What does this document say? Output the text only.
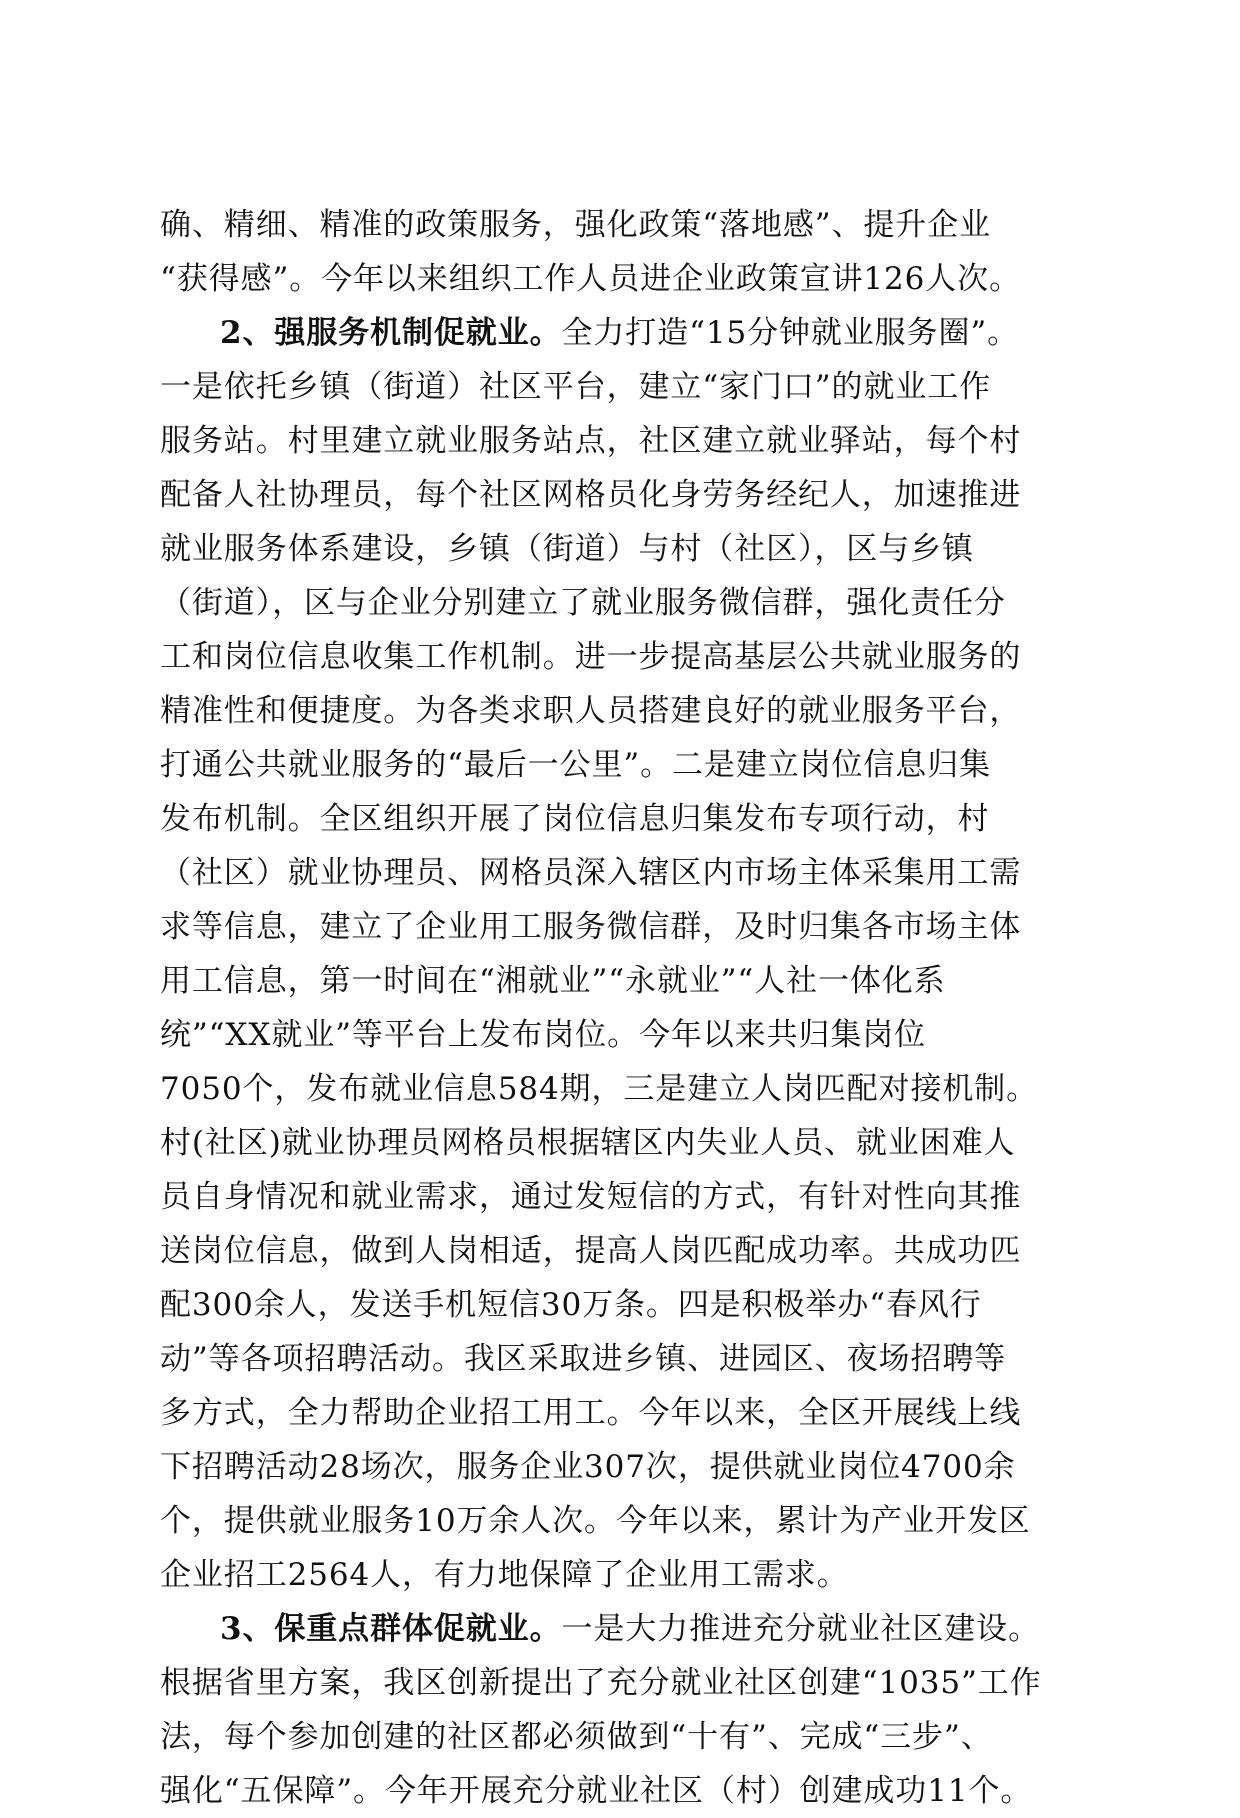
确、精细、精准的政策服务，强化政策“落地感”、提升企业
“获得感”。今年以来组织工作人员进企业政策宣讲126人次。
2、强服务机制促就业。全力打造“15分钟就业服务圈”。
一是依托乡镇（街道）社区平台，建立“家门口”的就业工作
服务站。村里建立就业服务站点，社区建立就业驿站，每个村
配备人社协理员，每个社区网格员化身劳务经纪人，加速推进
就业服务体系建设，乡镇（街道）与村（社区），区与乡镇
（街道），区与企业分别建立了就业服务微信群，强化责任分
工和岗位信息收集工作机制。进一步提高基层公共就业服务的
精准性和便捷度。为各类求职人员搭建良好的就业服务平台，
打通公共就业服务的“最后一公里”。二是建立岗位信息归集
发布机制。全区组织开展了岗位信息归集发布专项行动，村
（社区）就业协理员、网格员深入辖区内市场主体采集用工需
求等信息，建立了企业用工服务微信群，及时归集各市场主体
用工信息，第一时间在“湘就业”“永就业”“人社一体化系
统”“XX就业”等平台上发布岗位。今年以来共归集岗位
7050个，发布就业信息584期，三是建立人岗匹配对接机制。
村(社区)就业协理员网格员根据辖区内失业人员、就业困难人
员自身情况和就业需求，通过发短信的方式，有针对性向其推
送岗位信息，做到人岗相适，提高人岗匹配成功率。共成功匹
配300余人，发送手机短信30万条。四是积极举办“春风行
动”等各项招聘活动。我区采取进乡镇、进园区、夜场招聘等
多方式，全力帮助企业招工用工。今年以来，全区开展线上线
下招聘活动28场次，服务企业307次，提供就业岗位4700余
个，提供就业服务10万余人次。今年以来，累计为产业开发区
企业招工2564人，有力地保障了企业用工需求。
3、保重点群体促就业。一是大力推进充分就业社区建设。
根据省里方案，我区创新提出了充分就业社区创建“1035”工作
法，每个参加创建的社区都必须做到“十有”、完成“三步”、
强化“五保障”。今年开展充分就业社区（村）创建成功11个。
